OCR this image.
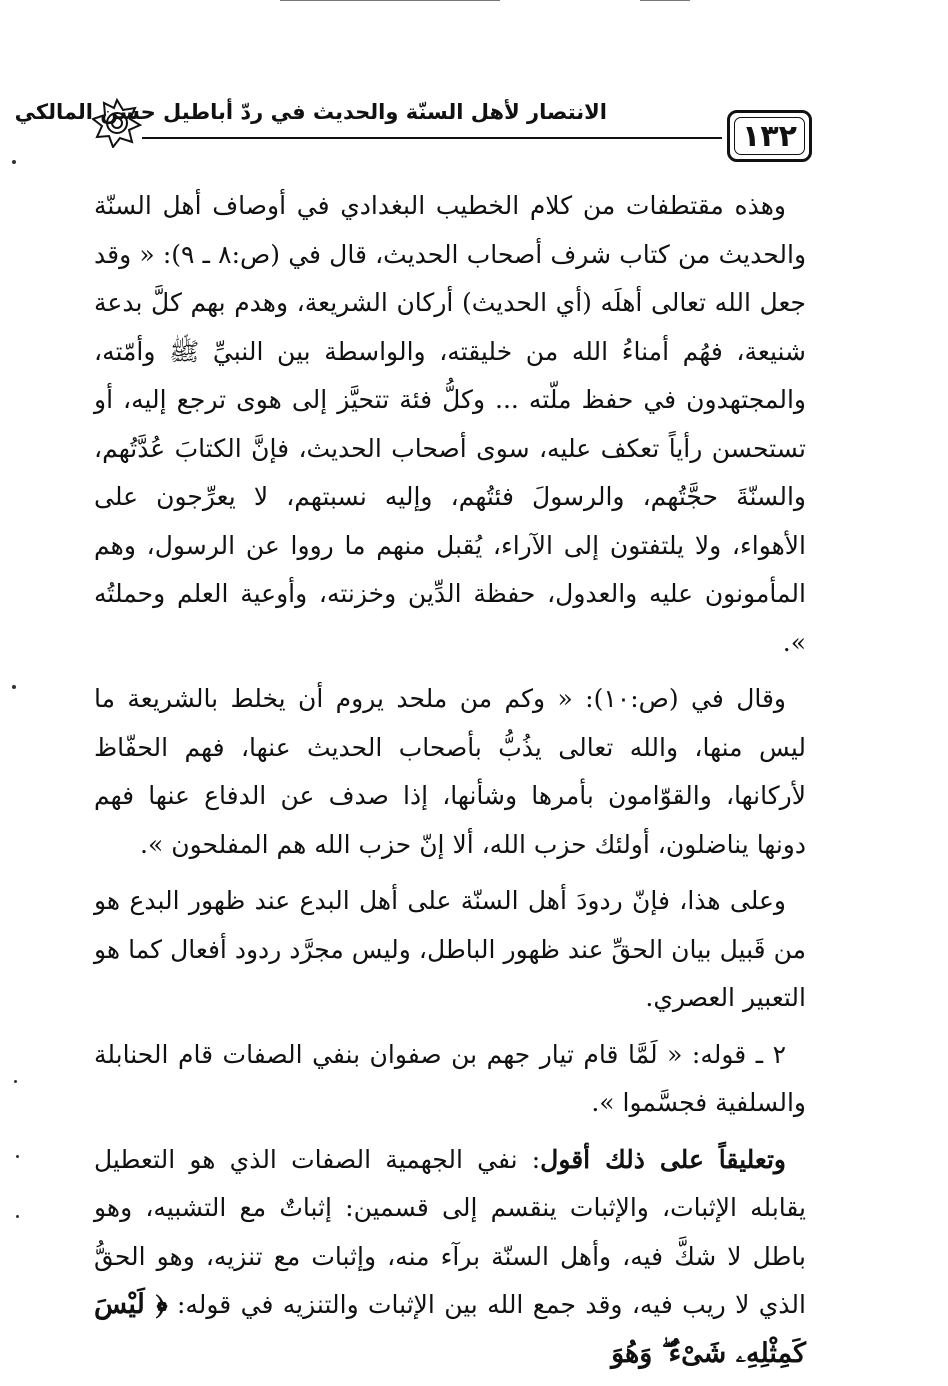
الانتصار لأهل السنّة والحديث في ردّ أباطيل حسن المالكي
١٣٢

وهذه مقتطفات من كلام الخطيب البغدادي في أوصاف أهل السنّة والحديث من كتاب شرف أصحاب الحديث، قال في (ص:٨ ـ ٩): « وقد جعل الله تعالى أهلَه (أي الحديث) أركان الشريعة، وهدم بهم كلَّ بدعة شنيعة، فهُم أمناءُ الله من خليقته، والواسطة بين النبيِّ ﷺ وأمّته، والمجتهدون في حفظ ملّته ... وكلُّ فئة تتحيَّز إلى هوى ترجع إليه، أو تستحسن رأياً تعكف عليه، سوى أصحاب الحديث، فإنَّ الكتابَ عُدَّتُهم، والسنّةَ حجَّتُهم، والرسولَ فئتُهم، وإليه نسبتهم، لا يعرِّجون على الأهواء، ولا يلتفتون إلى الآراء، يُقبل منهم ما رووا عن الرسول، وهم المأمونون عليه والعدول، حفظة الدِّين وخزنته، وأوعية العلم وحملتُه ».

وقال في (ص:١٠): « وكم من ملحد يروم أن يخلط بالشريعة ما ليس منها، والله تعالى يذُبُّ بأصحاب الحديث عنها، فهم الحفّاظ لأركانها، والقوّامون بأمرها وشأنها، إذا صدف عن الدفاع عنها فهم دونها يناضلون، أولئك حزب الله، ألا إنّ حزب الله هم المفلحون ».

وعلى هذا، فإنّ ردودَ أهل السنّة على أهل البدع عند ظهور البدع هو من قَبيل بيان الحقِّ عند ظهور الباطل، وليس مجرَّد ردود أفعال كما هو التعبير العصري.

٢ ـ قوله: « لَمَّا قام تيار جهم بن صفوان بنفي الصفات قام الحنابلة والسلفية فجسَّموا ».

وتعليقاً على ذلك أقول: نفي الجهمية الصفات الذي هو التعطيل يقابله الإثبات، والإثبات ينقسم إلى قسمين: إثباتٌ مع التشبيه، وهو باطل لا شكَّ فيه، وأهل السنّة برآء منه، وإثبات مع تنزيه، وهو الحقُّ الذي لا ريب فيه، وقد جمع الله بين الإثبات والتنزيه في قوله: ﴿ لَيْسَ كَمِثْلِهِۦ شَىْءٌ ۖ وَهُوَ
